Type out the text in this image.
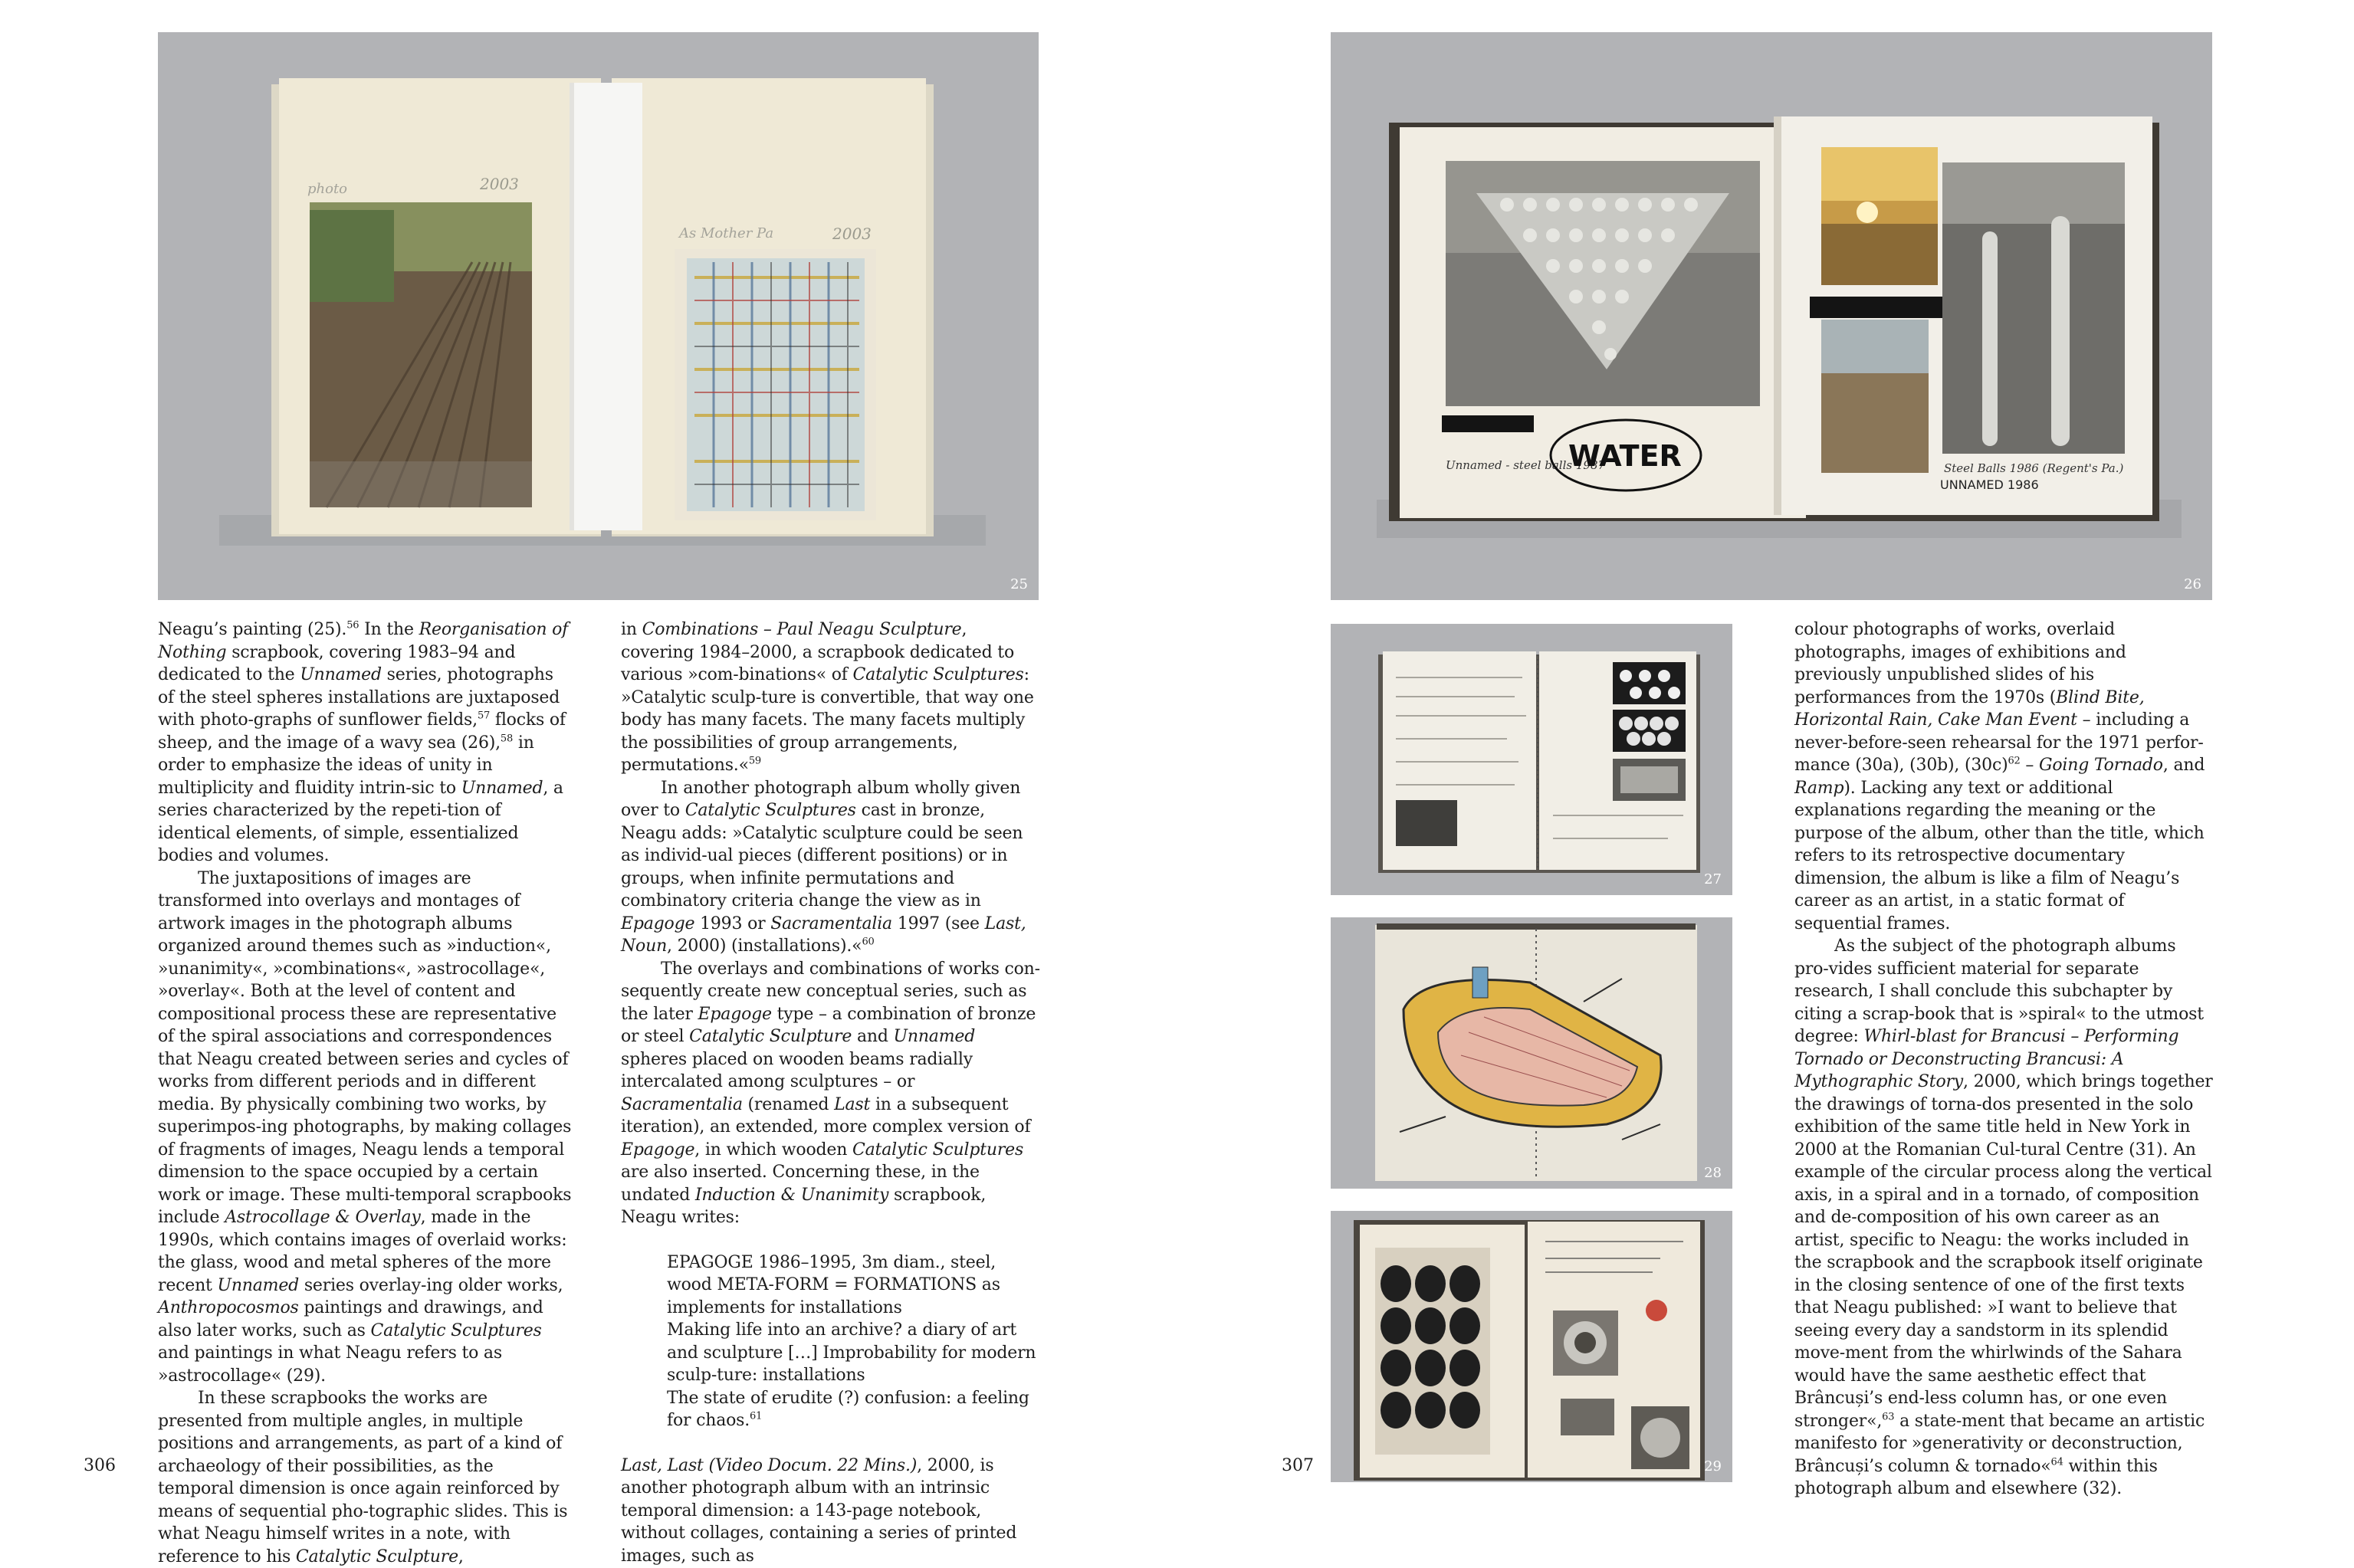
2003
photo
2003
As Mother Pa
25
Unnamed - steel balls 1987
WATER	Steel Balls 1986 (Regent's Pa.)
UNNAMED 1986
26
27
28
29

Neagu’s painting (25).$^{56}$ In the Reorganisation of Nothing scrapbook, covering 1983–94 and dedicated to the Unnamed series, photographs of the steel spheres installations are juxtaposed with photo-graphs of sunflower fields,$^{57}$ flocks of sheep, and the image of a wavy sea (26),$^{58}$ in order to emphasize the ideas of unity in multiplicity and fluidity intrin-sic to Unnamed, a series characterized by the repeti-tion of identical elements, of simple, essentialized bodies and volumes.

The juxtapositions of images are transformed into overlays and montages of artwork images in the photograph albums organized around themes such as »induction«, »unanimity«, »combinations«, »astrocollage«, »overlay«. Both at the level of content and compositional process these are representative of the spiral associations and correspondences that Neagu created between series and cycles of works from different periods and in different media. By physically combining two works, by superimpos-ing photographs, by making collages of fragments of images, Neagu lends a temporal dimension to the space occupied by a certain work or image. These multi-temporal scrapbooks include Astrocollage & Overlay, made in the 1990s, which contains images of overlaid works: the glass, wood and metal spheres of the more recent Unnamed series overlay-ing older works, Anthropocosmos paintings and drawings, and also later works, such as Catalytic Sculptures and paintings in what Neagu refers to as »astrocollage« (29).

In these scrapbooks the works are presented from multiple angles, in multiple positions and arrangements, as part of a kind of archaeology of their possibilities, as the temporal dimension is once again reinforced by means of sequential pho-tographic slides. This is what Neagu himself writes in a note, with reference to his Catalytic Sculpture,

in Combinations – Paul Neagu Sculpture, covering 1984–2000, a scrapbook dedicated to various »com-binations« of Catalytic Sculptures: »Catalytic sculp-ture is convertible, that way one body has many facets. The many facets multiply the possibilities of group arrangements, permutations.«$^{59}$

In another photograph album wholly given over to Catalytic Sculptures cast in bronze, Neagu adds: »Catalytic sculpture could be seen as individ-ual pieces (different positions) or in groups, when infinite permutations and combinatory criteria change the view as in Epagoge 1993 or Sacramentalia 1997 (see Last, Noun, 2000) (installations).«$^{60}$

The overlays and combinations of works con-sequently create new conceptual series, such as the later Epagoge type – a combination of bronze or steel Catalytic Sculpture and Unnamed spheres placed on wooden beams radially intercalated among sculptures – or Sacramentalia (renamed Last in a subsequent iteration), an extended, more complex version of Epagoge, in which wooden Catalytic Sculptures are also inserted. Concerning these, in the undated Induction & Unanimity scrapbook, Neagu writes:

EPAGOGE 1986–1995, 3m diam., steel, wood META-FORM = FORMATIONS as implements for installations

Making life into an archive? a diary of art and sculpture […] Improbability for modern sculp-ture: installations

The state of erudite (?) confusion: a feeling for chaos.$^{61}$

Last, Last (Video Docum. 22 Mins.), 2000, is another photograph album with an intrinsic temporal dimension: a 143-page notebook, without collages, containing a series of printed images, such as

colour photographs of works, overlaid photographs, images of exhibitions and previously unpublished slides of his performances from the 1970s (Blind Bite, Horizontal Rain, Cake Man Event – including a never-before-seen rehearsal for the 1971 perfor-mance (30a), (30b), $(30c)^{62}$ – Going Tornado, and Ramp). Lacking any text or additional explanations regarding the meaning or the purpose of the album, other than the title, which refers to its retrospective documentary dimension, the album is like a film of Neagu’s career as an artist, in a static format of sequential frames.

As the subject of the photograph albums pro-vides sufficient material for separate research, I shall conclude this subchapter by citing a scrap-book that is »spiral« to the utmost degree: Whirl-blast for Brancusi – Performing Tornado or Deconstructing Brancusi: A Mythographic Story, 2000, which brings together the drawings of torna-dos presented in the solo exhibition of the same title held in New York in 2000 at the Romanian Cul-tural Centre (31). An example of the circular process along the vertical axis, in a spiral and in a tornado, of composition and de-composition of his own career as an artist, specific to Neagu: the works included in the scrapbook and the scrapbook itself originate in the closing sentence of one of the first texts that Neagu published: »I want to believe that seeing every day a sandstorm in its splendid move-ment from the whirlwinds of the Sahara would have the same aesthetic effect that Brâncuși’s end-less column has, or one even stronger«,$^{63}$ a state-ment that became an artistic manifesto for »generativity or deconstruction, Brâncuși’s column & tornado«$^{64}$ within this photograph album and elsewhere (32).

306	307
